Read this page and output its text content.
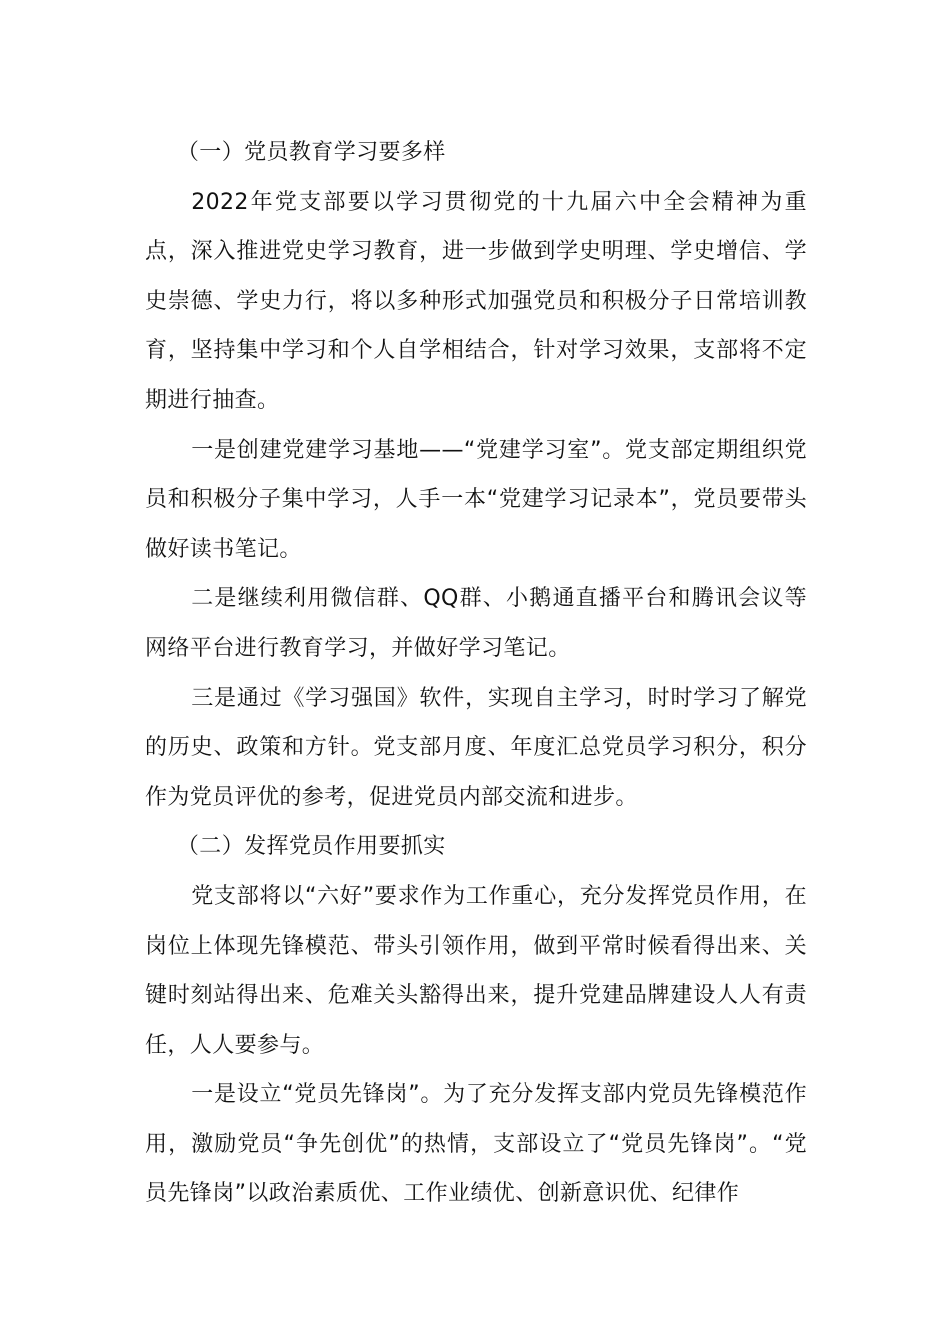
（一）党员教育学习要多样

2022年党支部要以学习贯彻党的十九届六中全会精神为重点，深入推进党史学习教育，进一步做到学史明理、学史增信、学史崇德、学史力行，将以多种形式加强党员和积极分子日常培训教育，坚持集中学习和个人自学相结合，针对学习效果，支部将不定期进行抽查。

一是创建党建学习基地——“党建学习室”。党支部定期组织党员和积极分子集中学习，人手一本“党建学习记录本”，党员要带头做好读书笔记。

二是继续利用微信群、QQ群、小鹅通直播平台和腾讯会议等网络平台进行教育学习，并做好学习笔记。

三是通过《学习强国》软件，实现自主学习，时时学习了解党的历史、政策和方针。党支部月度、年度汇总党员学习积分，积分作为党员评优的参考，促进党员内部交流和进步。

（二）发挥党员作用要抓实

党支部将以“六好”要求作为工作重心，充分发挥党员作用，在岗位上体现先锋模范、带头引领作用，做到平常时候看得出来、关键时刻站得出来、危难关头豁得出来，提升党建品牌建设人人有责任，人人要参与。

一是设立“党员先锋岗”。为了充分发挥支部内党员先锋模范作用，激励党员“争先创优”的热情，支部设立了“党员先锋岗”。“党员先锋岗”以政治素质优、工作业绩优、创新意识优、纪律作
